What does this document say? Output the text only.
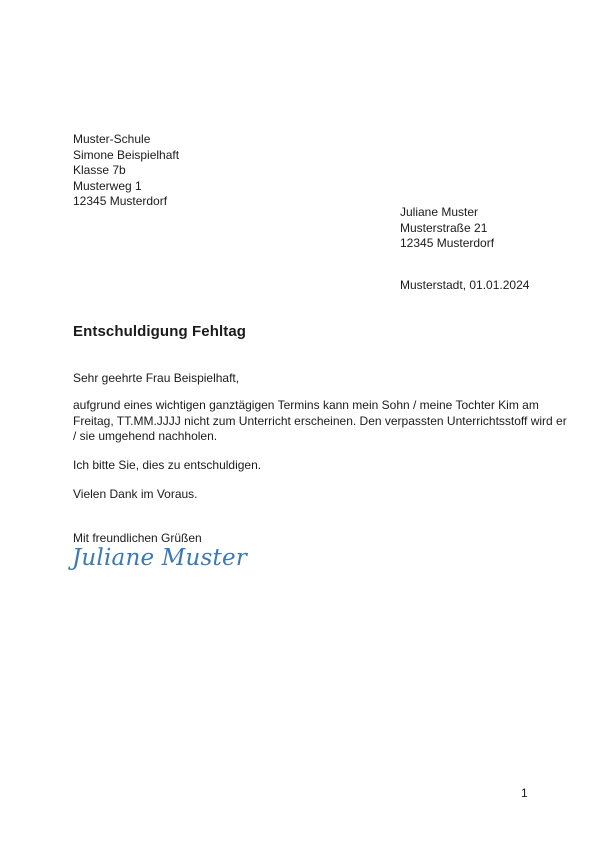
Muster-Schule
Simone Beispielhaft
Klasse 7b
Musterweg 1
12345 Musterdorf
Juliane Muster
Musterstraße 21
12345 Musterdorf
Musterstadt, 01.01.2024
Entschuldigung Fehltag
Sehr geehrte Frau Beispielhaft,
aufgrund eines wichtigen ganztägigen Termins kann mein Sohn / meine Tochter Kim am
Freitag, TT.MM.JJJJ nicht zum Unterricht erscheinen. Den verpassten Unterrichtsstoff wird er
/ sie umgehend nachholen.
Ich bitte Sie, dies zu entschuldigen.
Vielen Dank im Voraus.
Mit freundlichen Grüßen
Juliane Muster
1
